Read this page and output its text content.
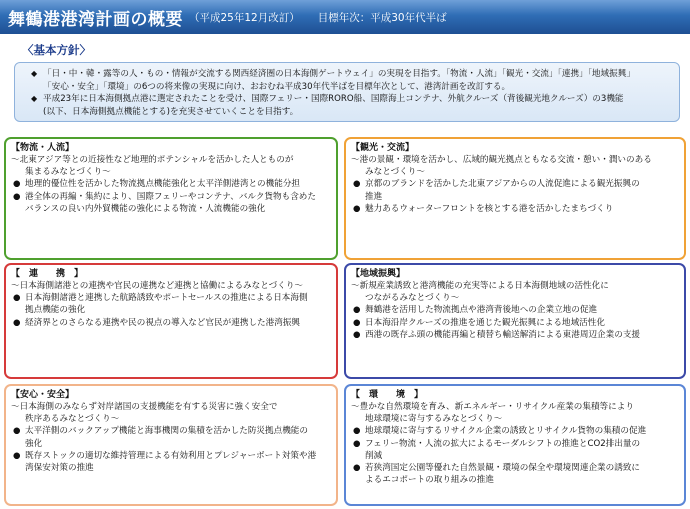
舞鶴港港湾計画の概要 （平成25年12月改訂） 目標年次：平成30年代半ば
〈基本方針〉
◆ 「日・中・韓・露等の人・もの・情報が交流する関西経済圏の日本海側ゲートウェイ」の実現を目指す。「物流・人流」「観光・交流」「連携」「地域振興」
「安心・安全」「環境」の6つの将来像の実現に向け、おおむね平成30年代半ばを目標年次として、港湾計画を改訂する。
◆ 平成23年に日本海側拠点港に選定されたことを受け、国際フェリー・国際RORO船、国際海上コンテナ、外航クルーズ（背後観光地クルーズ）の3機能
(以下、日本海側拠点機能とする)を充実させていくことを目指す。
【物流・人流】
～北東アジア等との近接性など地理的ポテンシャルを活かした人とものが
集まるみなとづくり～
● 地理的優位性を活かした物流拠点機能強化と太平洋側港湾との機能分担
● 港全体の再編・集約により、国際フェリーやコンテナ、バルク貨物も含めた
バランスの良い内外貿機能の強化による物流・人流機能の強化
【観光・交流】
～港の景観・環境を活かし、広域的観光拠点ともなる交流・憩い・潤いのある
みなとづくり～
● 京都のブランドを活かした北東アジアからの人流促進による観光振興の
推進
● 魅力あるウォーターフロントを核とする港を活かしたまちづくり
【　連　　携　】
～日本海側諸港との連携や官民の連携など連携と協働によるみなとづくり～
● 日本海側諸港と連携した航路誘致やポートセールスの推進による日本海側
拠点機能の強化
● 経済界とのさらなる連携や民の視点の導入など官民が連携した港湾振興
【地域振興】
～新規産業誘致と港湾機能の充実等による日本海側地域の活性化に
つながるみなとづくり～
● 舞鶴港を活用した物流拠点や港湾背後地への企業立地の促進
● 日本海沿岸クルーズの推進を通じた観光振興による地域活性化
● 西港の既存ふ頭の機能再編と積替ち輸送解消による東港周辺企業の支援
【安心・安全】
～日本海側のみならず対岸諸国の支援機能を有する災害に強く安全で
秩序あるみなとづくり～
● 太平洋側のバックアップ機能と海事機関の集積を活かした防災拠点機能の
強化
● 既存ストックの適切な維持管理による有効利用とプレジャーボート対策や港
湾保安対策の推進
【　環　　境　】
～豊かな自然環境を育み、新エネルギー・リサイクル産業の集積等により
地球環境に寄与するみなとづくり～
● 地球環境に寄与するリサイクル企業の誘致とリサイクル貨物の集積の促進
● フェリー物流・人流の拡大によるモーダルシフトの推進とCO2排出量の
削減
● 若狭湾国定公園等優れた自然景観・環境の保全や環境関連企業の誘致に
よるエコポートの取り組みの推進
